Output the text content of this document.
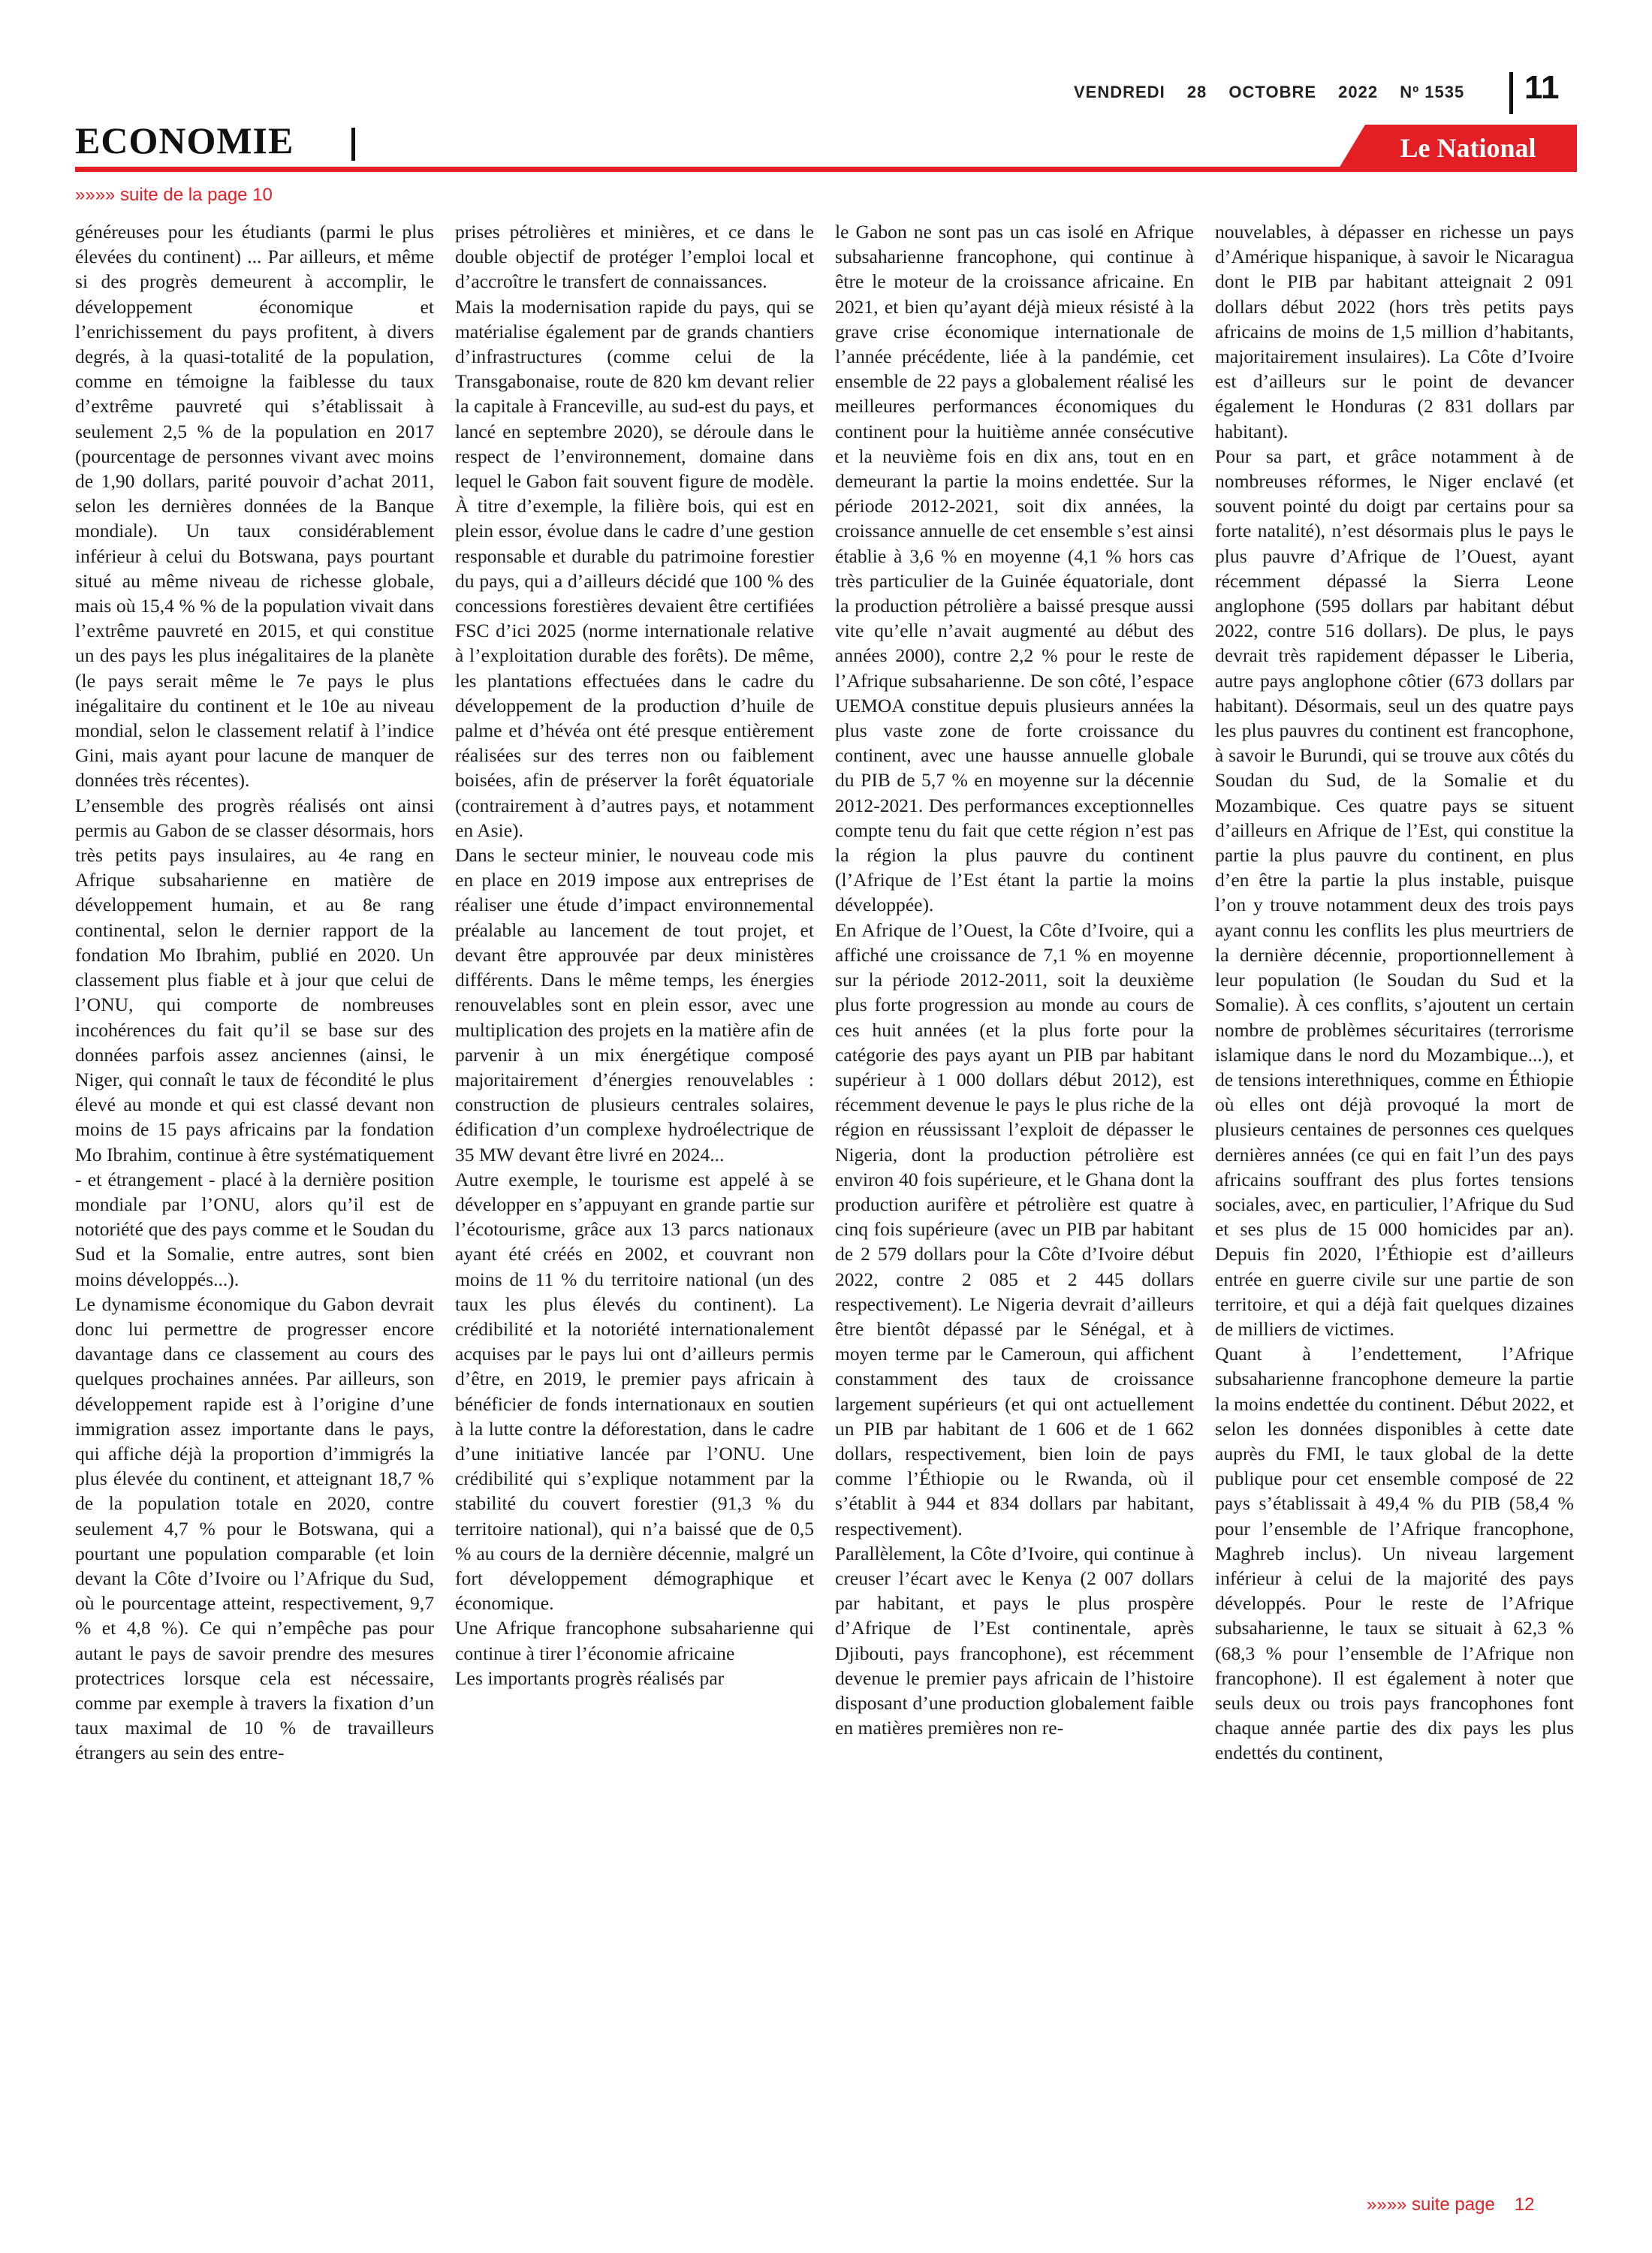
VENDREDI 28 OCTOBRE 2022 Nº 1535	11
ECONOMIE	Le National
»»»» suite de la page 10

généreuses pour les étudiants (parmi le plus élevées du continent) ... Par ailleurs, et même si des progrès demeurent à accomplir, le développement économique et l’enrichissement du pays profitent, à divers degrés, à la quasi-totalité de la population, comme en témoigne la faiblesse du taux d’extrême pauvreté qui s’établissait à seulement 2,5 % de la population en 2017 (pourcentage de personnes vivant avec moins de 1,90 dollars, parité pouvoir d’achat 2011, selon les dernières données de la Banque mondiale). Un taux considérablement inférieur à celui du Botswana, pays pourtant situé au même niveau de richesse globale, mais où 15,4 % % de la population vivait dans l’extrême pauvreté en 2015, et qui constitue un des pays les plus inégalitaires de la planète (le pays serait même le 7e pays le plus inégalitaire du continent et le 10e au niveau mondial, selon le classement relatif à l’indice Gini, mais ayant pour lacune de manquer de données très récentes).

L’ensemble des progrès réalisés ont ainsi permis au Gabon de se classer désormais, hors très petits pays insulaires, au 4e rang en Afrique subsaharienne en matière de développement humain, et au 8e rang continental, selon le dernier rapport de la fondation Mo Ibrahim, publié en 2020. Un classement plus fiable et à jour que celui de l’ONU, qui comporte de nombreuses incohérences du fait qu’il se base sur des données parfois assez anciennes (ainsi, le Niger, qui connaît le taux de fécondité le plus élevé au monde et qui est classé devant non moins de 15 pays africains par la fondation Mo Ibrahim, continue à être systématiquement - et étrangement - placé à la dernière position mondiale par l’ONU, alors qu’il est de notoriété que des pays comme et le Soudan du Sud et la Somalie, entre autres, sont bien moins développés...).

Le dynamisme économique du Gabon devrait donc lui permettre de progresser encore davantage dans ce classement au cours des quelques prochaines années. Par ailleurs, son développement rapide est à l’origine d’une immigration assez importante dans le pays, qui affiche déjà la proportion d’immigrés la plus élevée du continent, et atteignant 18,7 % de la population totale en 2020, contre seulement 4,7 % pour le Botswana, qui a pourtant une population comparable (et loin devant la Côte d’Ivoire ou l’Afrique du Sud, où le pourcentage atteint, respectivement, 9,7 % et 4,8 %). Ce qui n’empêche pas pour autant le pays de savoir prendre des mesures protectrices lorsque cela est nécessaire, comme par exemple à travers la fixation d’un taux maximal de 10 % de travailleurs étrangers au sein des entre-

prises pétrolières et minières, et ce dans le double objectif de protéger l’emploi local et d’accroître le transfert de connaissances.

Mais la modernisation rapide du pays, qui se matérialise également par de grands chantiers d’infrastructures (comme celui de la Transgabonaise, route de 820 km devant relier la capitale à Franceville, au sud-est du pays, et lancé en septembre 2020), se déroule dans le respect de l’environnement, domaine dans lequel le Gabon fait souvent figure de modèle. À titre d’exemple, la filière bois, qui est en plein essor, évolue dans le cadre d’une gestion responsable et durable du patrimoine forestier du pays, qui a d’ailleurs décidé que 100 % des concessions forestières devaient être certifiées FSC d’ici 2025 (norme internationale relative à l’exploitation durable des forêts). De même, les plantations effectuées dans le cadre du développement de la production d’huile de palme et d’hévéa ont été presque entièrement réalisées sur des terres non ou faiblement boisées, afin de préserver la forêt équatoriale (contrairement à d’autres pays, et notamment en Asie).

Dans le secteur minier, le nouveau code mis en place en 2019 impose aux entreprises de réaliser une étude d’impact environnemental préalable au lancement de tout projet, et devant être approuvée par deux ministères différents. Dans le même temps, les énergies renouvelables sont en plein essor, avec une multiplication des projets en la matière afin de parvenir à un mix énergétique composé majoritairement d’énergies renouvelables : construction de plusieurs centrales solaires, édification d’un complexe hydroélectrique de 35 MW devant être livré en 2024...

Autre exemple, le tourisme est appelé à se développer en s’appuyant en grande partie sur l’écotourisme, grâce aux 13 parcs nationaux ayant été créés en 2002, et couvrant non moins de 11 % du territoire national (un des taux les plus élevés du continent). La crédibilité et la notoriété internationalement acquises par le pays lui ont d’ailleurs permis d’être, en 2019, le premier pays africain à bénéficier de fonds internationaux en soutien à la lutte contre la déforestation, dans le cadre d’une initiative lancée par l’ONU. Une crédibilité qui s’explique notamment par la stabilité du couvert forestier (91,3 % du territoire national), qui n’a baissé que de 0,5 % au cours de la dernière décennie, malgré un fort développement démographique et économique.

Une Afrique francophone subsaharienne qui continue à tirer l’économie africaine

Les importants progrès réalisés par

le Gabon ne sont pas un cas isolé en Afrique subsaharienne francophone, qui continue à être le moteur de la croissance africaine. En 2021, et bien qu’ayant déjà mieux résisté à la grave crise économique internationale de l’année précédente, liée à la pandémie, cet ensemble de 22 pays a globalement réalisé les meilleures performances économiques du continent pour la huitième année consécutive et la neuvième fois en dix ans, tout en en demeurant la partie la moins endettée. Sur la période 2012-2021, soit dix années, la croissance annuelle de cet ensemble s’est ainsi établie à 3,6 % en moyenne (4,1 % hors cas très particulier de la Guinée équatoriale, dont la production pétrolière a baissé presque aussi vite qu’elle n’avait augmenté au début des années 2000), contre 2,2 % pour le reste de l’Afrique subsaharienne. De son côté, l’espace UEMOA constitue depuis plusieurs années la plus vaste zone de forte croissance du continent, avec une hausse annuelle globale du PIB de 5,7 % en moyenne sur la décennie 2012-2021. Des performances exceptionnelles compte tenu du fait que cette région n’est pas la région la plus pauvre du continent (l’Afrique de l’Est étant la partie la moins développée).

En Afrique de l’Ouest, la Côte d’Ivoire, qui a affiché une croissance de 7,1 % en moyenne sur la période 2012-2011, soit la deuxième plus forte progression au monde au cours de ces huit années (et la plus forte pour la catégorie des pays ayant un PIB par habitant supérieur à 1 000 dollars début 2012), est récemment devenue le pays le plus riche de la région en réussissant l’exploit de dépasser le Nigeria, dont la production pétrolière est environ 40 fois supérieure, et le Ghana dont la production aurifère et pétrolière est quatre à cinq fois supérieure (avec un PIB par habitant de 2 579 dollars pour la Côte d’Ivoire début 2022, contre 2 085 et 2 445 dollars respectivement). Le Nigeria devrait d’ailleurs être bientôt dépassé par le Sénégal, et à moyen terme par le Cameroun, qui affichent constamment des taux de croissance largement supérieurs (et qui ont actuellement un PIB par habitant de 1 606 et de 1 662 dollars, respectivement, bien loin de pays comme l’Éthiopie ou le Rwanda, où il s’établit à 944 et 834 dollars par habitant, respectivement).

Parallèlement, la Côte d’Ivoire, qui continue à creuser l’écart avec le Kenya (2 007 dollars par habitant, et pays le plus prospère d’Afrique de l’Est continentale, après Djibouti, pays francophone), est récemment devenue le premier pays africain de l’histoire disposant d’une production globalement faible en matières premières non re-

nouvelables, à dépasser en richesse un pays d’Amérique hispanique, à savoir le Nicaragua dont le PIB par habitant atteignait 2 091 dollars début 2022 (hors très petits pays africains de moins de 1,5 million d’habitants, majoritairement insulaires). La Côte d’Ivoire est d’ailleurs sur le point de devancer également le Honduras (2 831 dollars par habitant).

Pour sa part, et grâce notamment à de nombreuses réformes, le Niger enclavé (et souvent pointé du doigt par certains pour sa forte natalité), n’est désormais plus le pays le plus pauvre d’Afrique de l’Ouest, ayant récemment dépassé la Sierra Leone anglophone (595 dollars par habitant début 2022, contre 516 dollars). De plus, le pays devrait très rapidement dépasser le Liberia, autre pays anglophone côtier (673 dollars par habitant). Désormais, seul un des quatre pays les plus pauvres du continent est francophone, à savoir le Burundi, qui se trouve aux côtés du Soudan du Sud, de la Somalie et du Mozambique. Ces quatre pays se situent d’ailleurs en Afrique de l’Est, qui constitue la partie la plus pauvre du continent, en plus d’en être la partie la plus instable, puisque l’on y trouve notamment deux des trois pays ayant connu les conflits les plus meurtriers de la dernière décennie, proportionnellement à leur population (le Soudan du Sud et la Somalie). À ces conflits, s’ajoutent un certain nombre de problèmes sécuritaires (terrorisme islamique dans le nord du Mozambique...), et de tensions interethniques, comme en Éthiopie où elles ont déjà provoqué la mort de plusieurs centaines de personnes ces quelques dernières années (ce qui en fait l’un des pays africains souffrant des plus fortes tensions sociales, avec, en particulier, l’Afrique du Sud et ses plus de 15 000 homicides par an). Depuis fin 2020, l’Éthiopie est d’ailleurs entrée en guerre civile sur une partie de son territoire, et qui a déjà fait quelques dizaines de milliers de victimes.

Quant à l’endettement, l’Afrique subsaharienne francophone demeure la partie la moins endettée du continent. Début 2022, et selon les données disponibles à cette date auprès du FMI, le taux global de la dette publique pour cet ensemble composé de 22 pays s’établissait à 49,4 % du PIB (58,4 % pour l’ensemble de l’Afrique francophone, Maghreb inclus). Un niveau largement inférieur à celui de la majorité des pays développés. Pour le reste de l’Afrique subsaharienne, le taux se situait à 62,3 % (68,3 % pour l’ensemble de l’Afrique non francophone). Il est également à noter que seuls deux ou trois pays francophones font chaque année partie des dix pays les plus endettés du continent,

»»»» suite page 12
